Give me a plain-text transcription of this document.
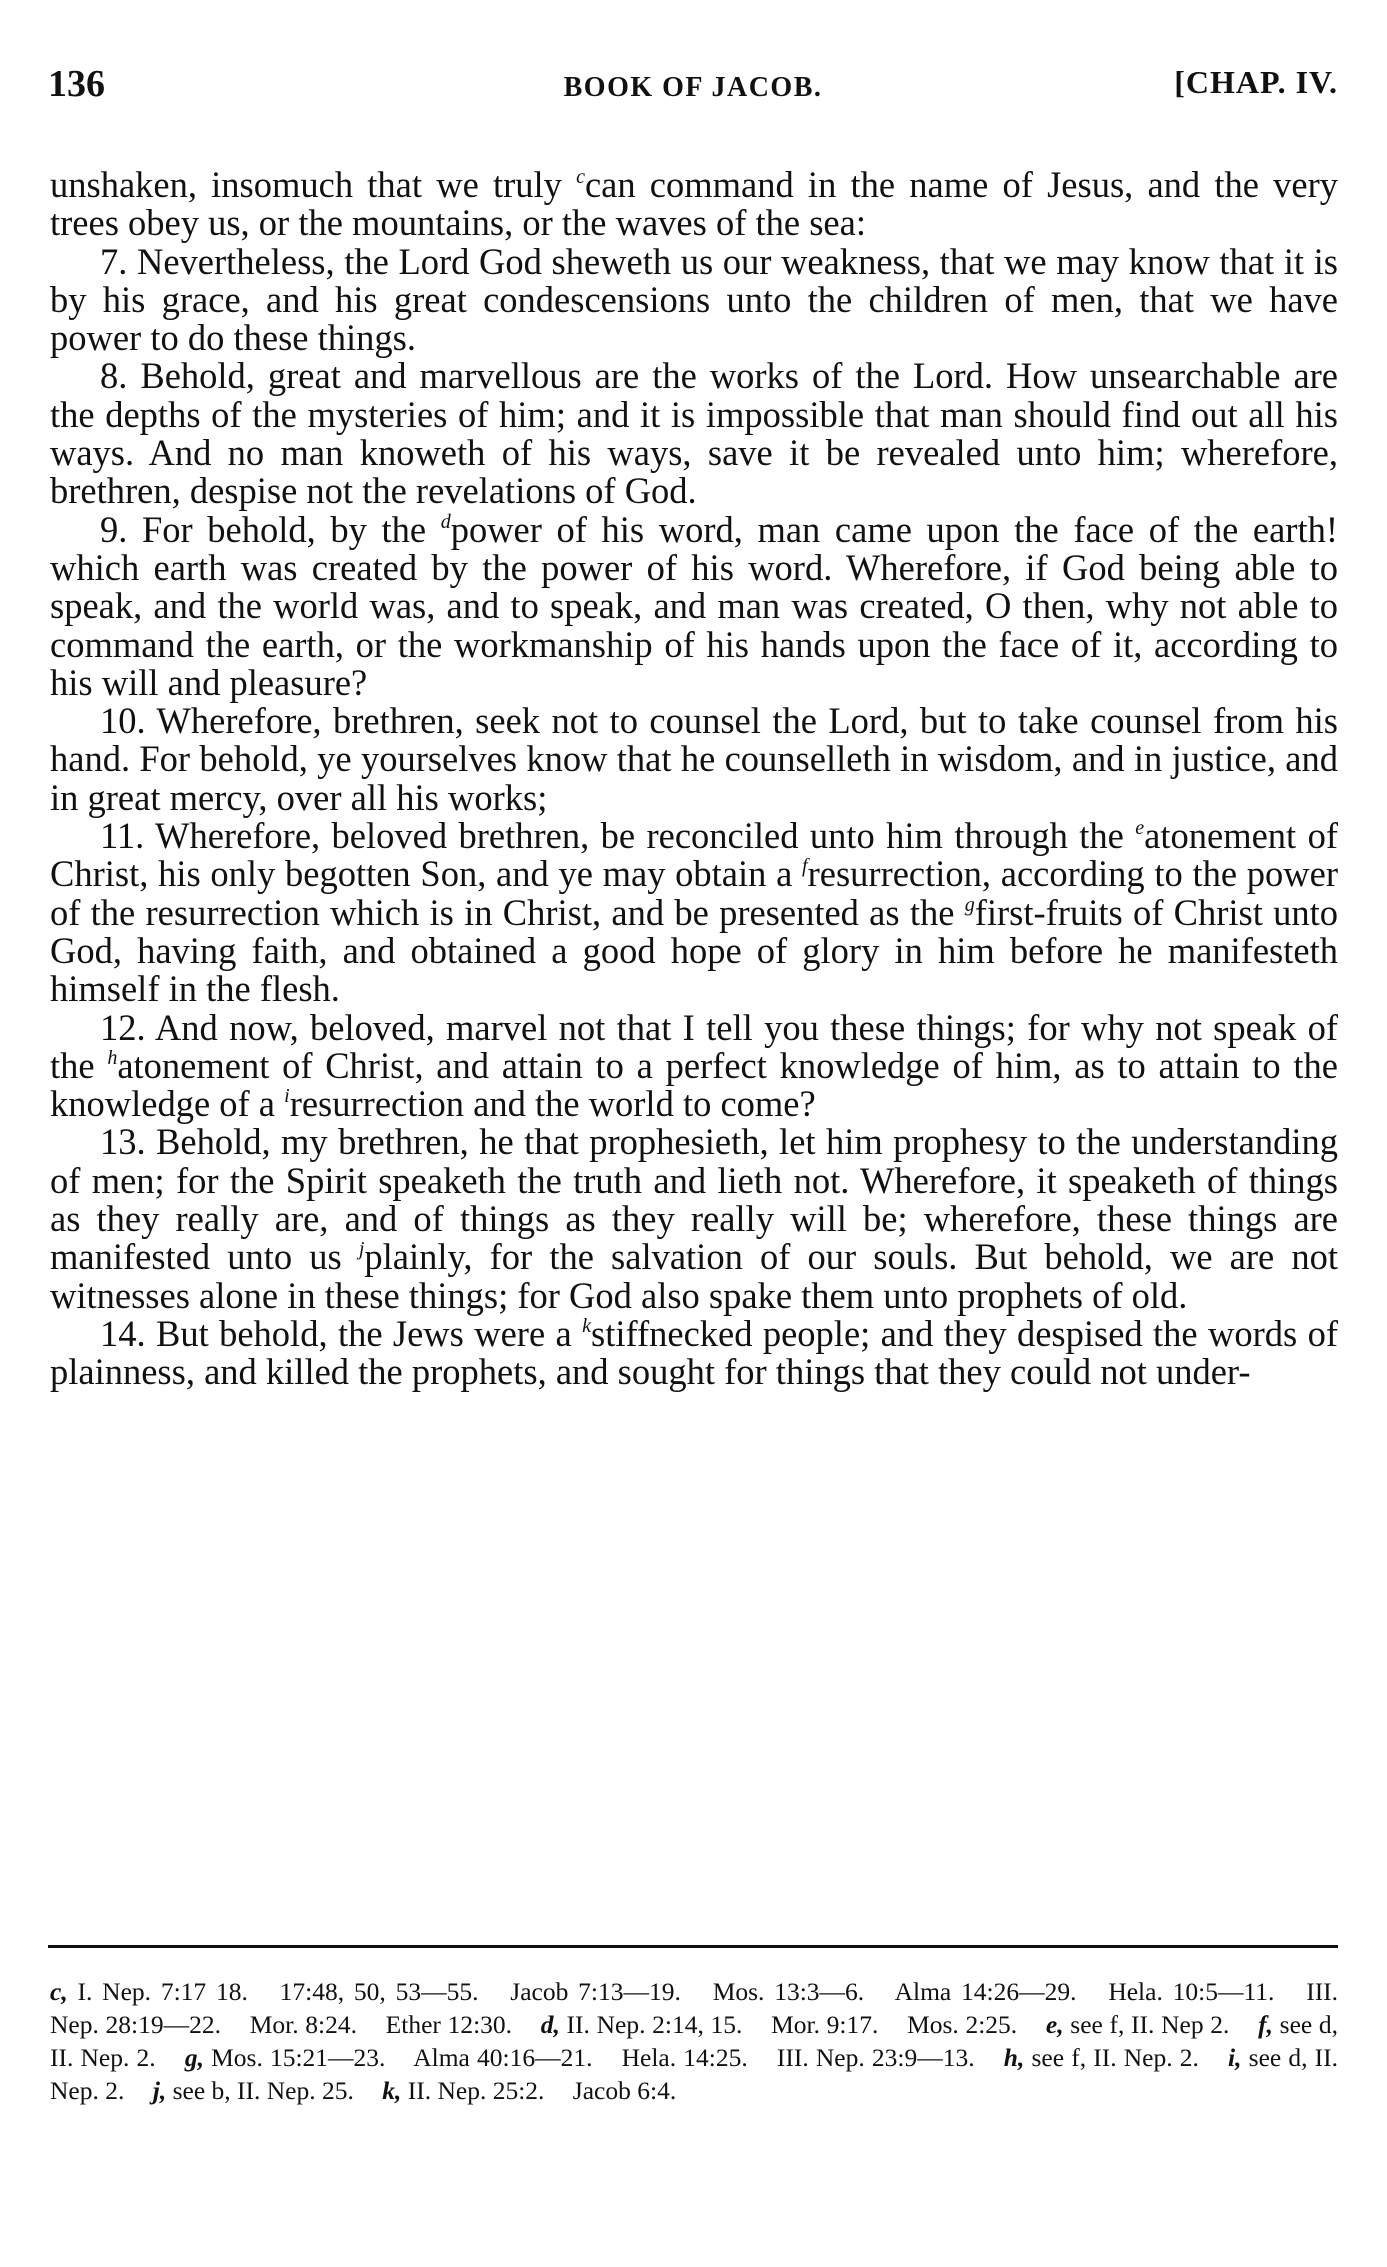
136	BOOK OF JACOB.	[CHAP. IV.

unshaken, insomuch that we truly $^c$can command in the name of Jesus, and the very trees obey us, or the mountains, or the waves of the sea:

7. Nevertheless, the Lord God sheweth us our weakness, that we may know that it is by his grace, and his great condescensions unto the children of men, that we have power to do these things.

8. Behold, great and marvellous are the works of the Lord. How unsearchable are the depths of the mysteries of him; and it is impossible that man should find out all his ways. And no man knoweth of his ways, save it be revealed unto him; wherefore, brethren, despise not the revelations of God.

9. For behold, by the $^d$power of his word, man came upon the face of the earth! which earth was created by the power of his word. Wherefore, if God being able to speak, and the world was, and to speak, and man was created, O then, why not able to command the earth, or the workmanship of his hands upon the face of it, according to his will and pleasure?

10. Wherefore, brethren, seek not to counsel the Lord, but to take counsel from his hand. For behold, ye yourselves know that he counselleth in wisdom, and in justice, and in great mercy, over all his works;

11. Wherefore, beloved brethren, be reconciled unto him through the $^e$atonement of Christ, his only begotten Son, and ye may obtain a $^f$resurrection, according to the power of the resurrection which is in Christ, and be presented as the $^g$first-fruits of Christ unto God, having faith, and obtained a good hope of glory in him before he manifesteth himself in the flesh.

12. And now, beloved, marvel not that I tell you these things; for why not speak of the $^h$atonement of Christ, and attain to a perfect knowledge of him, as to attain to the knowledge of a $^i$resurrection and the world to come?

13. Behold, my brethren, he that prophesieth, let him prophesy to the understanding of men; for the Spirit speaketh the truth and lieth not. Wherefore, it speaketh of things as they really are, and of things as they really will be; wherefore, these things are manifested unto us $^j$plainly, for the salvation of our souls. But behold, we are not witnesses alone in these things; for God also spake them unto prophets of old.

14. But behold, the Jews were a $^k$stiffnecked people; and they despised the words of plainness, and killed the prophets, and sought for things that they could not under-

c, I. Nep. 7:17 18. 17:48, 50, 53—55. Jacob 7:13—19. Mos. 13:3—6. Alma 14:26—29. Hela. 10:5—11. III. Nep. 28:19—22. Mor. 8:24. Ether 12:30. d, II. Nep. 2:14, 15. Mor. 9:17. Mos. 2:25. e, see f, II. Nep 2. f, see d, II. Nep. 2. g, Mos. 15:21—23. Alma 40:16—21. Hela. 14:25. III. Nep. 23:9—13. h, see f, II. Nep. 2. i, see d, II. Nep. 2. j, see b, II. Nep. 25. k, II. Nep. 25:2. Jacob 6:4.
